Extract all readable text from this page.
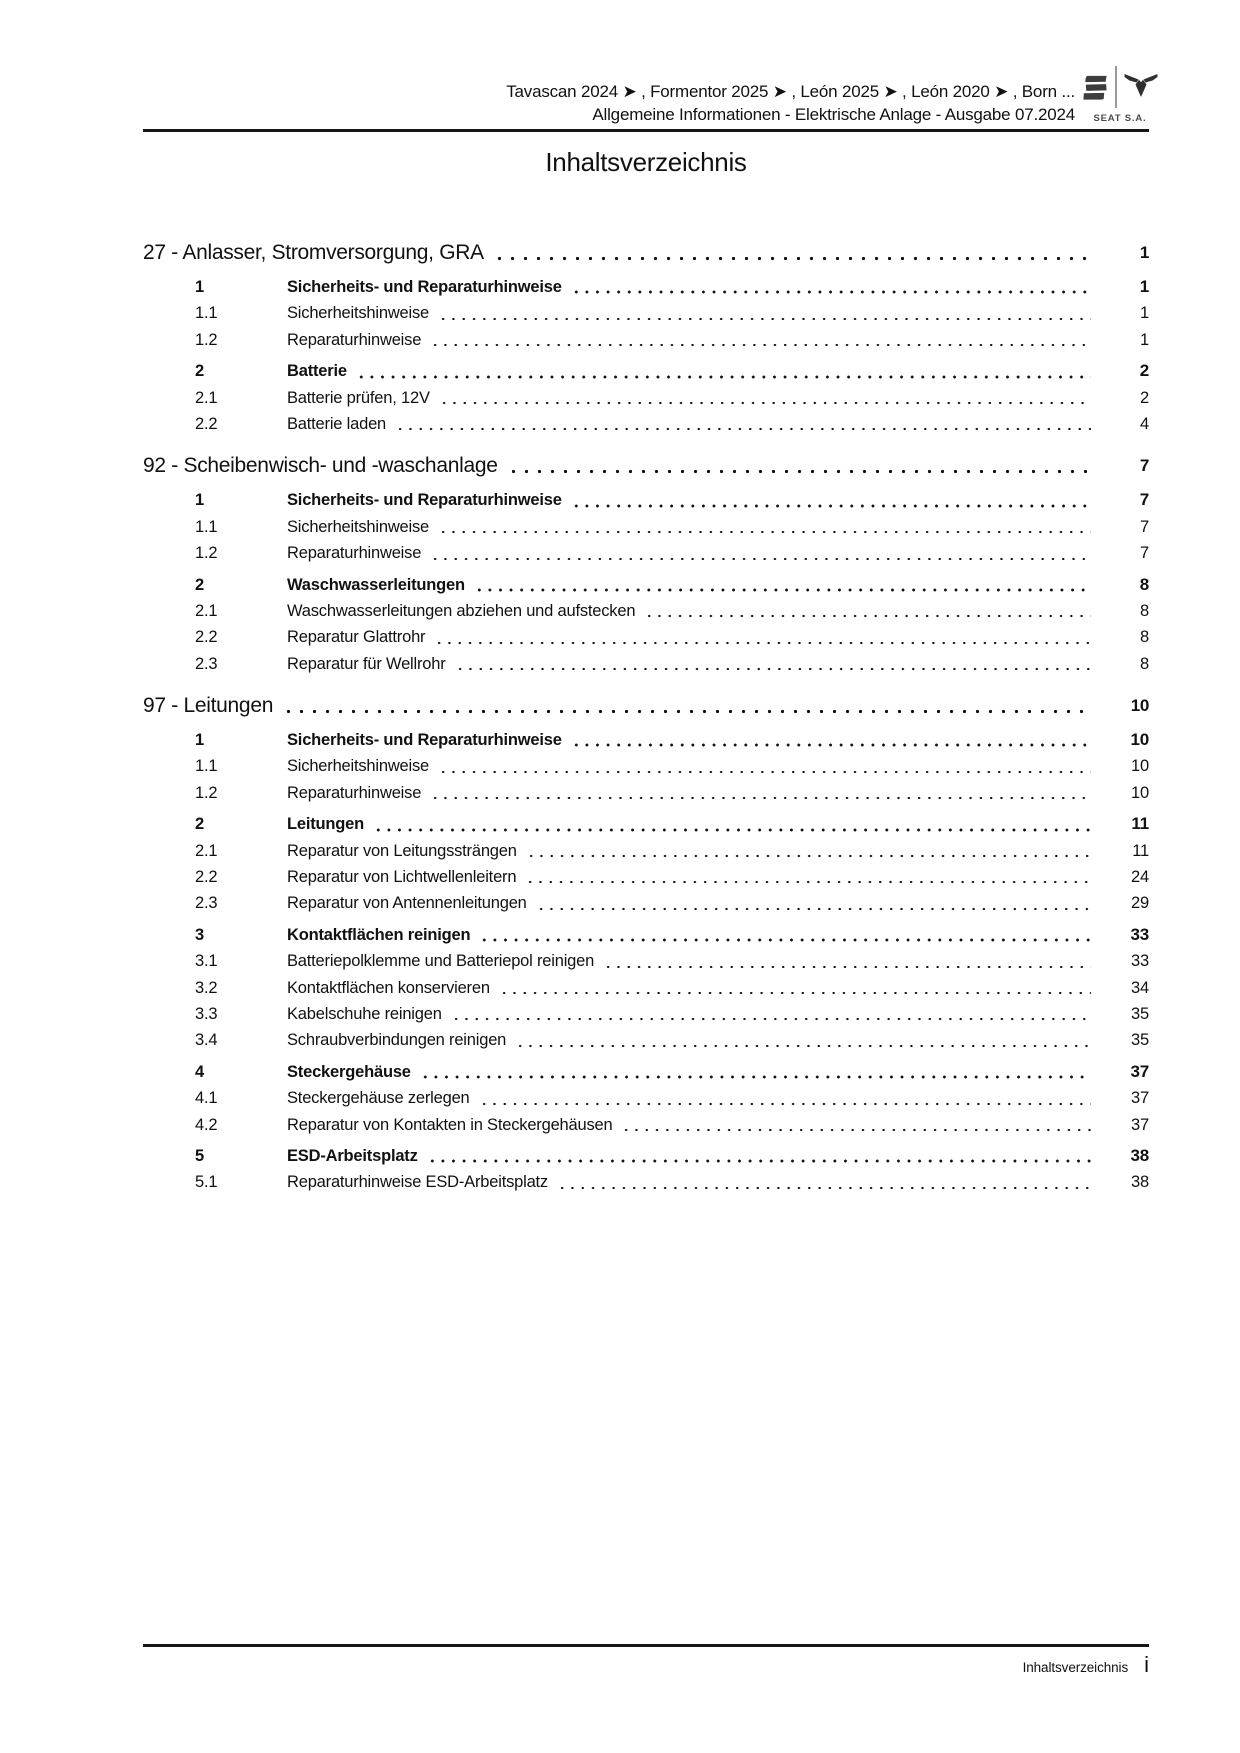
Tavascan 2024 ➤ , Formentor 2025 ➤ , León 2025 ➤ , León 2020 ➤ , Born ...
Allgemeine Informationen - Elektrische Anlage - Ausgabe 07.2024	SEAT S.A.
Inhaltsverzeichnis
27 - Anlasser, Stromversorgung, GRA	1
1	Sicherheits- und Reparaturhinweise	1
1.1	Sicherheitshinweise	1
1.2	Reparaturhinweise	1
2	Batterie	2
2.1	Batterie prüfen, 12V	2
2.2	Batterie laden	4
92 - Scheibenwisch- und -waschanlage	7
1	Sicherheits- und Reparaturhinweise	7
1.1	Sicherheitshinweise	7
1.2	Reparaturhinweise	7
2	Waschwasserleitungen	8
2.1	Waschwasserleitungen abziehen und aufstecken	8
2.2	Reparatur Glattrohr	8
2.3	Reparatur für Wellrohr	8
97 - Leitungen	10
1	Sicherheits- und Reparaturhinweise	10
1.1	Sicherheitshinweise	10
1.2	Reparaturhinweise	10
2	Leitungen	11
2.1	Reparatur von Leitungssträngen	11
2.2	Reparatur von Lichtwellenleitern	24
2.3	Reparatur von Antennenleitungen	29
3	Kontaktflächen reinigen	33
3.1	Batteriepolklemme und Batteriepol reinigen	33
3.2	Kontaktflächen konservieren	34
3.3	Kabelschuhe reinigen	35
3.4	Schraubverbindungen reinigen	35
4	Steckergehäuse	37
4.1	Steckergehäuse zerlegen	37
4.2	Reparatur von Kontakten in Steckergehäusen	37
5	ESD-Arbeitsplatz	38
5.1	Reparaturhinweise ESD-Arbeitsplatz	38
Inhaltsverzeichnis i
